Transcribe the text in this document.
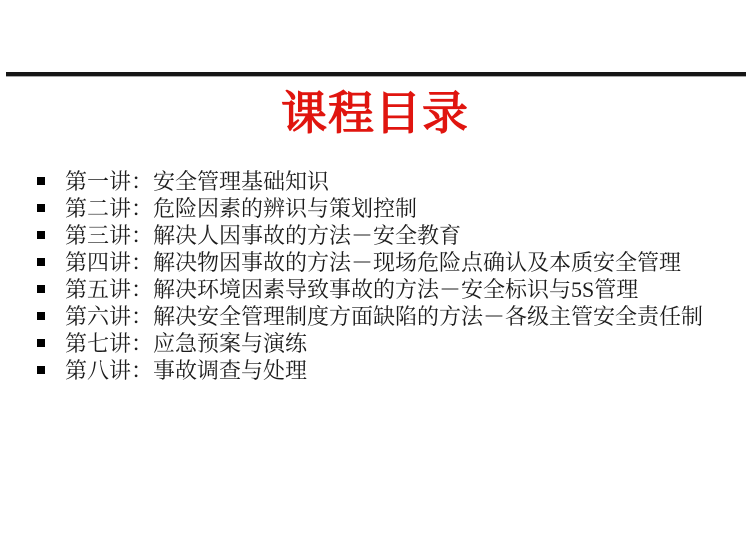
课程目录
第一讲：安全管理基础知识
第二讲：危险因素的辨识与策划控制
第三讲：解决人因事故的方法－安全教育
第四讲：解决物因事故的方法－现场危险点确认及本质安全管理
第五讲：解决环境因素导致事故的方法－安全标识与5S管理
第六讲：解决安全管理制度方面缺陷的方法－各级主管安全责任制
第七讲：应急预案与演练
第八讲：事故调查与处理
